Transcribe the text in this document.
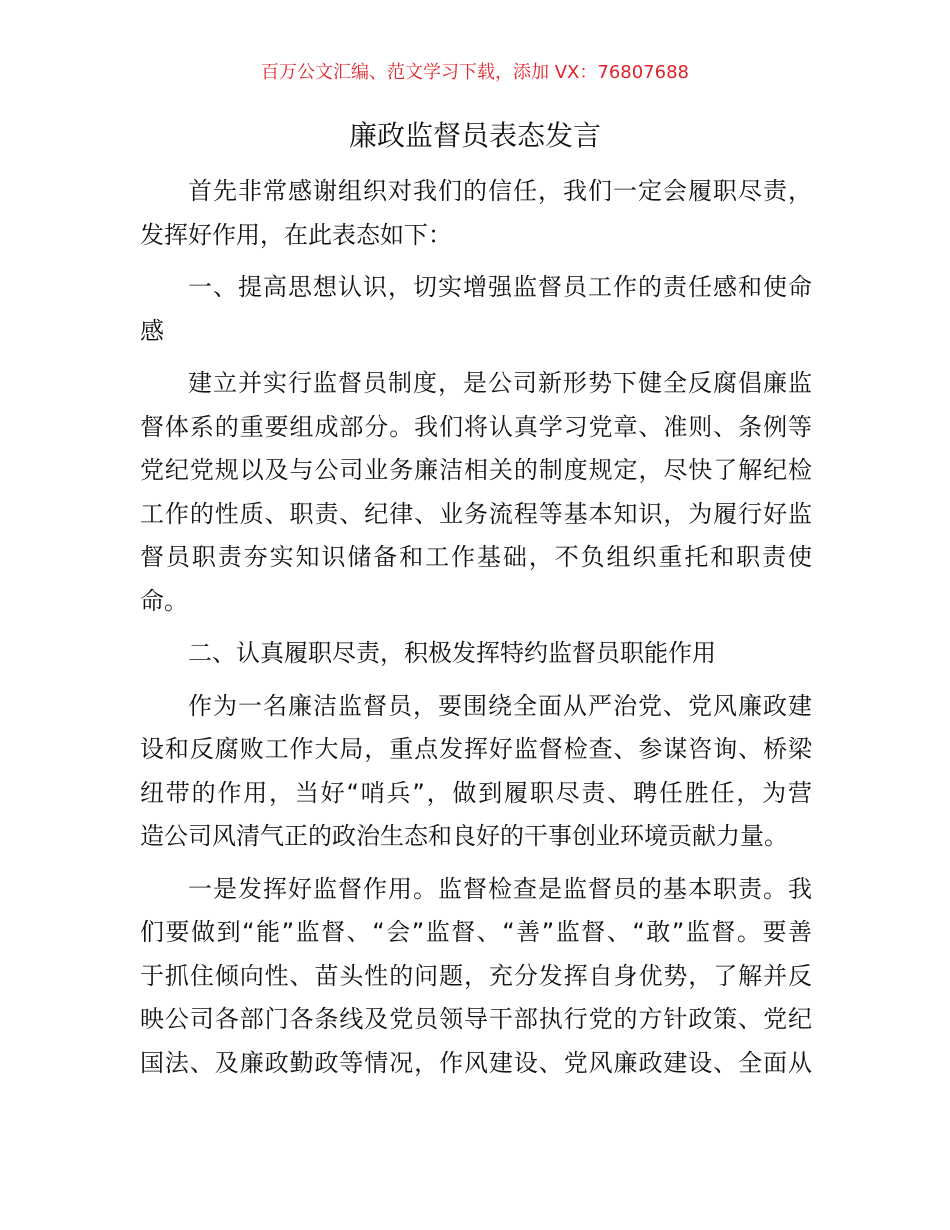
百万公文汇编、范文学习下载，添加 VX：76807688
廉政监督员表态发言
首先非常感谢组织对我们的信任，我们一定会履职尽责，
发挥好作用，在此表态如下：
一、提高思想认识，切实增强监督员工作的责任感和使命
感
建立并实行监督员制度，是公司新形势下健全反腐倡廉监
督体系的重要组成部分。我们将认真学习党章、准则、条例等
党纪党规以及与公司业务廉洁相关的制度规定，尽快了解纪检
工作的性质、职责、纪律、业务流程等基本知识，为履行好监
督员职责夯实知识储备和工作基础，不负组织重托和职责使
命。
二、认真履职尽责，积极发挥特约监督员职能作用
作为一名廉洁监督员，要围绕全面从严治党、党风廉政建
设和反腐败工作大局，重点发挥好监督检查、参谋咨询、桥梁
纽带的作用，当好“哨兵”，做到履职尽责、聘任胜任，为营
造公司风清气正的政治生态和良好的干事创业环境贡献力量。
一是发挥好监督作用。监督检查是监督员的基本职责。我
们要做到“能”监督、“会”监督、“善”监督、“敢”监督。要善
于抓住倾向性、苗头性的问题，充分发挥自身优势，了解并反
映公司各部门各条线及党员领导干部执行党的方针政策、党纪
国法、及廉政勤政等情况，作风建设、党风廉政建设、全面从
